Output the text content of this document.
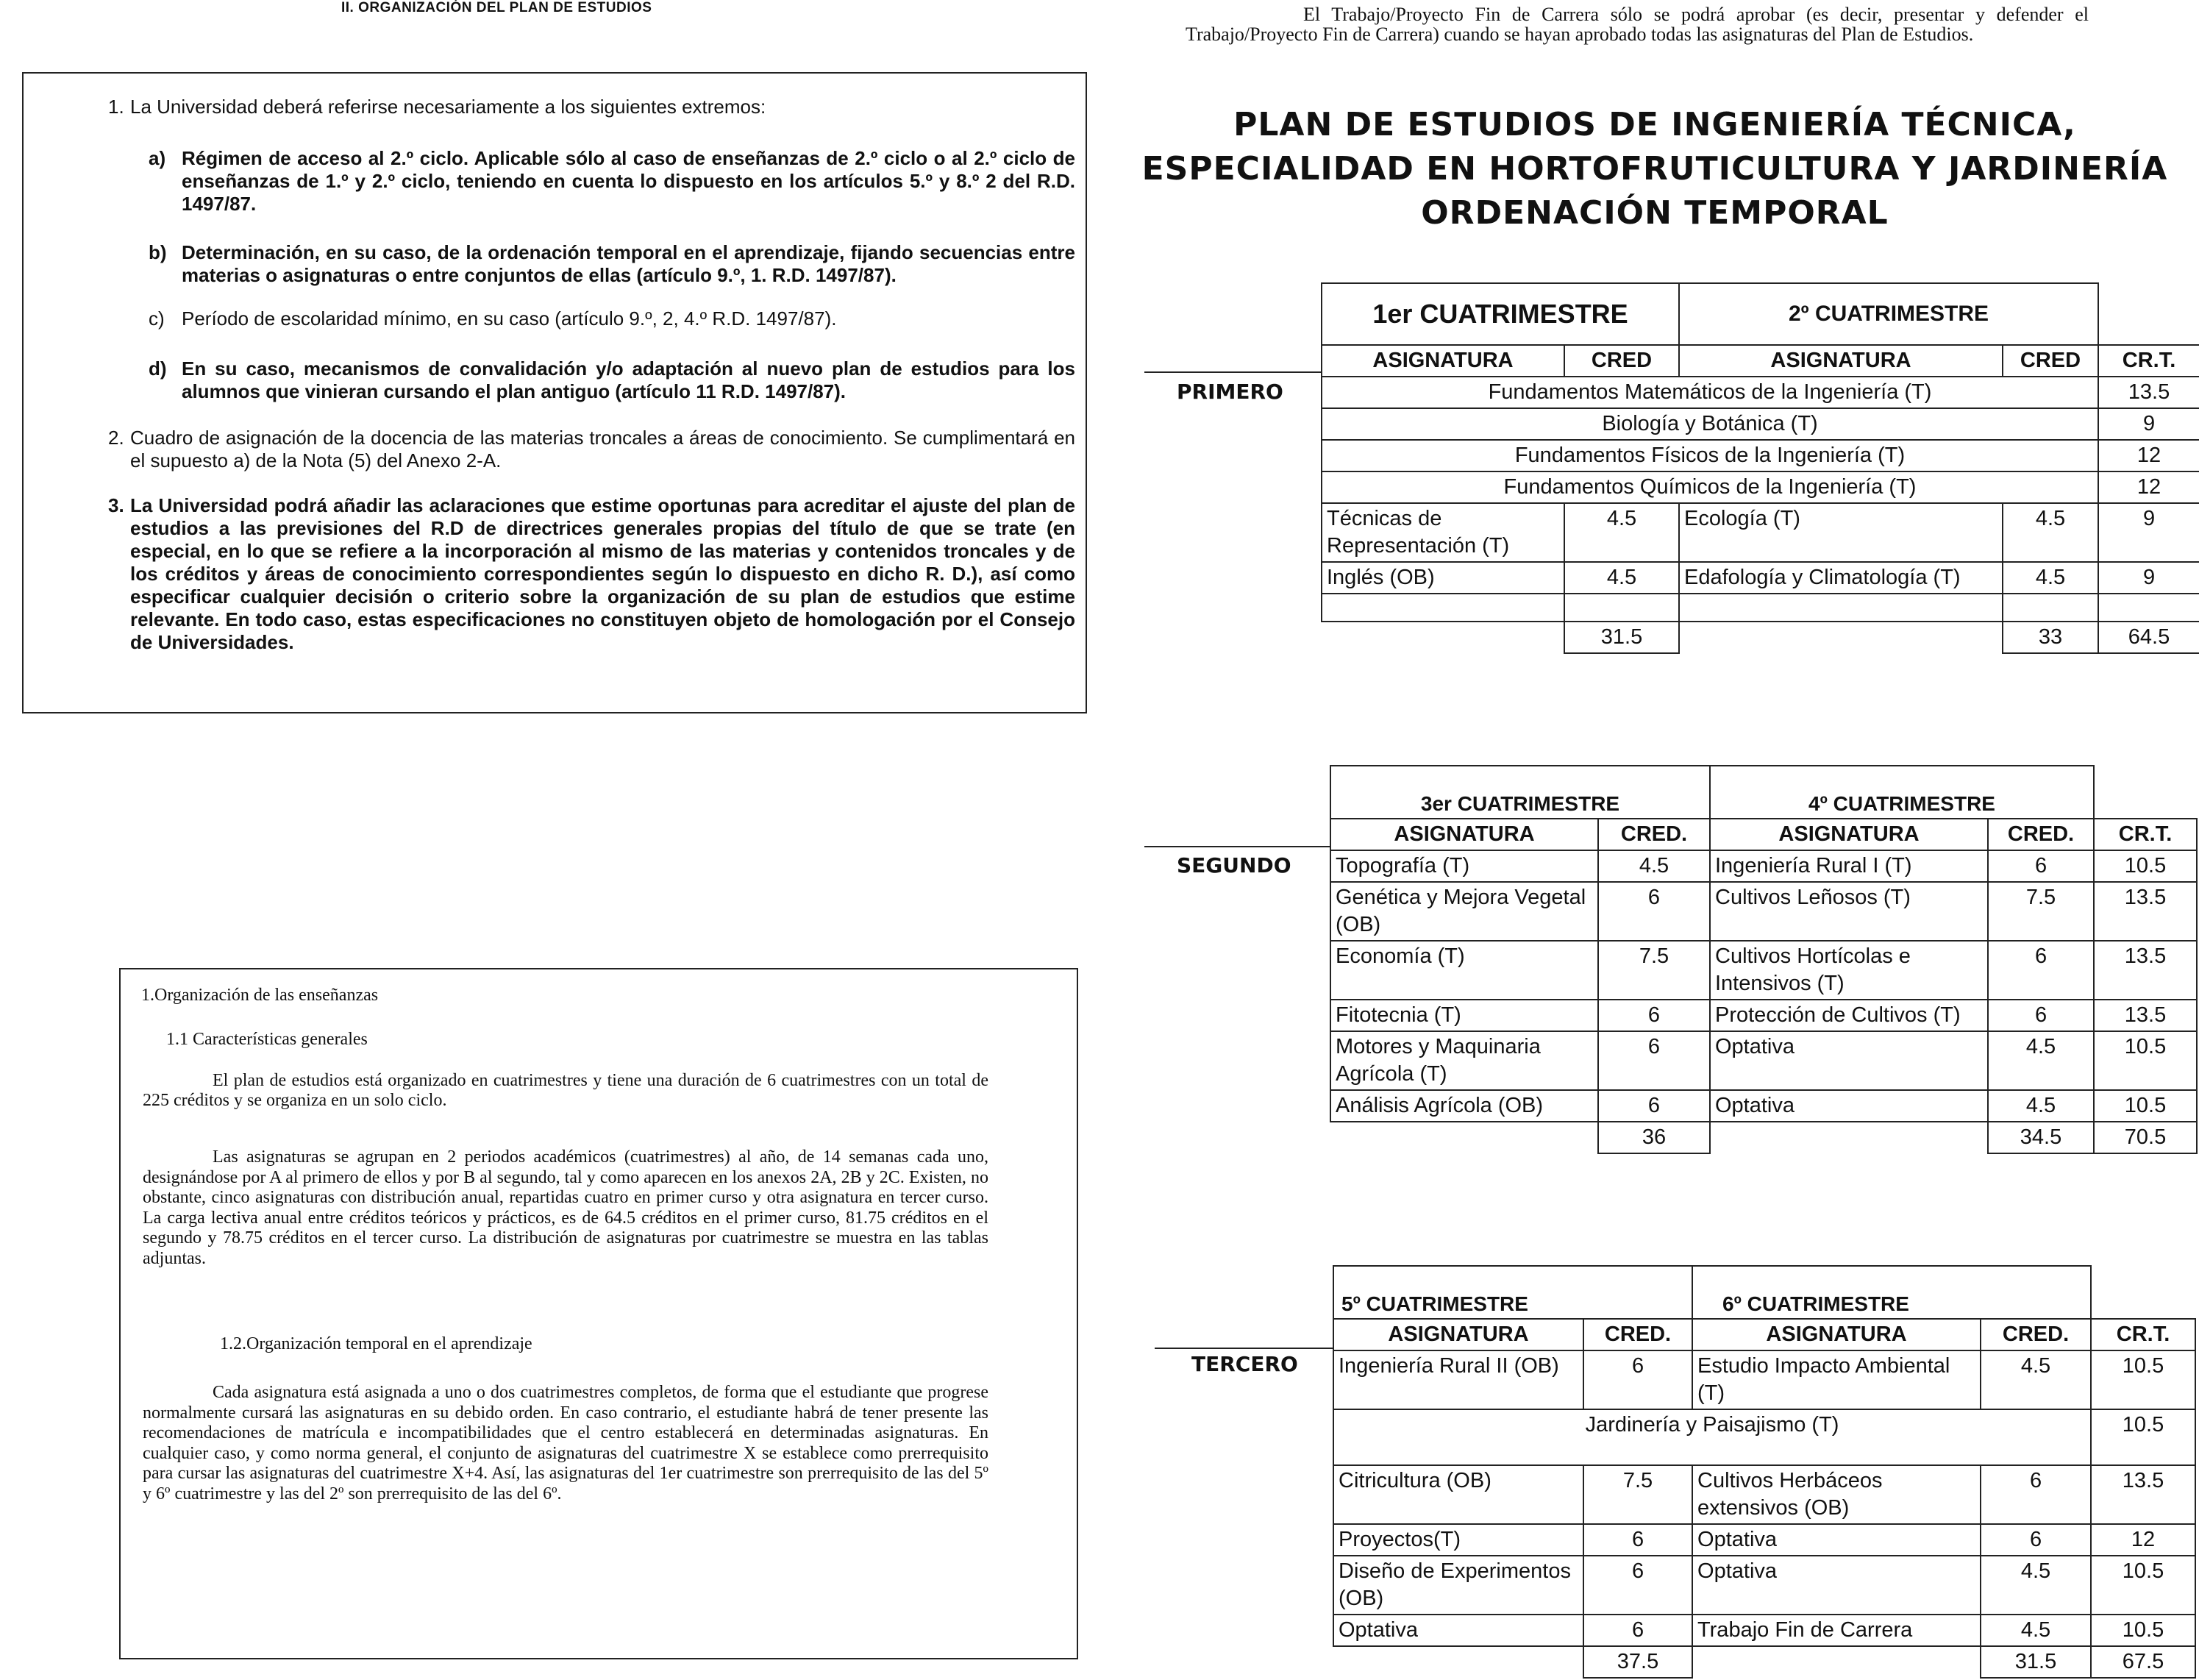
II. ORGANIZACIÓN DEL PLAN DE ESTUDIOS
1. La Universidad deberá referirse necesariamente a los siguientes extremos:
a) Régimen de acceso al 2.º ciclo. Aplicable sólo al caso de enseñanzas de 2.º ciclo o al 2.º ciclo de enseñanzas de 1.º y 2.º ciclo, teniendo en cuenta lo dispuesto en los artículos 5.º y 8.º 2 del R.D. 1497/87.
b) Determinación, en su caso, de la ordenación temporal en el aprendizaje, fijando secuencias entre materias o asignaturas o entre conjuntos de ellas (artículo 9.º, 1. R.D. 1497/87).
c) Período de escolaridad mínimo, en su caso (artículo 9.º, 2, 4.º R.D. 1497/87).
d) En su caso, mecanismos de convalidación y/o adaptación al nuevo plan de estudios para los alumnos que vinieran cursando el plan antiguo (artículo 11 R.D. 1497/87).
2. Cuadro de asignación de la docencia de las materias troncales a áreas de conocimiento. Se cumplimentará en el supuesto a) de la Nota (5) del Anexo 2-A.
3. La Universidad podrá añadir las aclaraciones que estime oportunas para acreditar el ajuste del plan de estudios a las previsiones del R.D de directrices generales propias del título de que se trate (en especial, en lo que se refiere a la incorporación al mismo de las materias y contenidos troncales y de los créditos y áreas de conocimiento correspondientes según lo dispuesto en dicho R. D.), así como especificar cualquier decisión o criterio sobre la organización de su plan de estudios que estime relevante. En todo caso, estas especificaciones no constituyen objeto de homologación por el Consejo de Universidades.
1.Organización de las enseñanzas
1.1 Características generales
El plan de estudios está organizado en cuatrimestres y tiene una duración de 6 cuatrimestres con un total de 225 créditos y se organiza en un solo ciclo.
Las asignaturas se agrupan en 2 periodos académicos (cuatrimestres) al año, de 14 semanas cada uno, designándose por A al primero de ellos y por B al segundo, tal y como aparecen en los anexos 2A, 2B y 2C. Existen, no obstante, cinco asignaturas con distribución anual, repartidas cuatro en primer curso y otra asignatura en tercer curso. La carga lectiva anual entre créditos teóricos y prácticos, es de 64.5 créditos en el primer curso, 81.75 créditos en el segundo y 78.75 créditos en el tercer curso. La distribución de asignaturas por cuatrimestre se muestra en las tablas adjuntas.
1.2.Organización temporal en el aprendizaje
Cada asignatura está asignada a uno o dos cuatrimestres completos, de forma que el estudiante que progrese normalmente cursará las asignaturas en su debido orden. En caso contrario, el estudiante habrá de tener presente las recomendaciones de matrícula e incompatibilidades que el centro establecerá en determinadas asignaturas. En cualquier caso, y como norma general, el conjunto de asignaturas del cuatrimestre X se establece como prerrequisito para cursar las asignaturas del cuatrimestre X+4. Así, las asignaturas del 1er cuatrimestre son prerrequisito de las del 5º y 6º cuatrimestre y las del 2º son prerrequisito de las del 6º.
El Trabajo/Proyecto Fin de Carrera sólo se podrá aprobar (es decir, presentar y defender el Trabajo/Proyecto Fin de Carrera) cuando se hayan aprobado todas las asignaturas del Plan de Estudios.
PLAN DE ESTUDIOS DE INGENIERÍA TÉCNICA,
ESPECIALIDAD EN HORTOFRUTICULTURA Y JARDINERÍA
ORDENACIÓN TEMPORAL
PRIMERO
1er CUATRIMESTRE		2º CUATRIMESTRE		
ASIGNATURA	CRED	ASIGNATURA	CRED	CR.T.
Fundamentos Matemáticos de la Ingeniería (T)				13.5
Biología y Botánica (T)				9
Fundamentos Físicos de la Ingeniería (T)				12
Fundamentos Químicos de la Ingeniería (T)				12
Técnicas de Representación (T)	4.5	Ecología (T)	4.5	9
Inglés (OB)	4.5	Edafología y Climatología (T)	4.5	9

	31.5		33	64.5
SEGUNDO
3er CUATRIMESTRE		4º CUATRIMESTRE		
ASIGNATURA	CRED.	ASIGNATURA	CRED.	CR.T.
Topografía (T)	4.5	Ingeniería Rural I (T)	6	10.5
Genética y Mejora Vegetal (OB)	6	Cultivos Leñosos (T)	7.5	13.5
Economía (T)	7.5	Cultivos Hortícolas e Intensivos (T)	6	13.5
Fitotecnia (T)	6	Protección de Cultivos (T)	6	13.5
Motores y Maquinaria Agrícola (T)	6	Optativa	4.5	10.5
Análisis Agrícola (OB)	6	Optativa	4.5	10.5
	36		34.5	70.5
TERCERO
5º CUATRIMESTRE		6º CUATRIMESTRE		
ASIGNATURA	CRED.	ASIGNATURA	CRED.	CR.T.
Ingeniería Rural II (OB)	6	Estudio Impacto Ambiental (T)	4.5	10.5
Jardinería y Paisajismo (T)				10.5
Citricultura (OB)	7.5	Cultivos Herbáceos extensivos (OB)	6	13.5
Proyectos(T)	6	Optativa	6	12
Diseño de Experimentos (OB)	6	Optativa	4.5	10.5
Optativa	6	Trabajo Fin de Carrera	4.5	10.5
	37.5		31.5	67.5
